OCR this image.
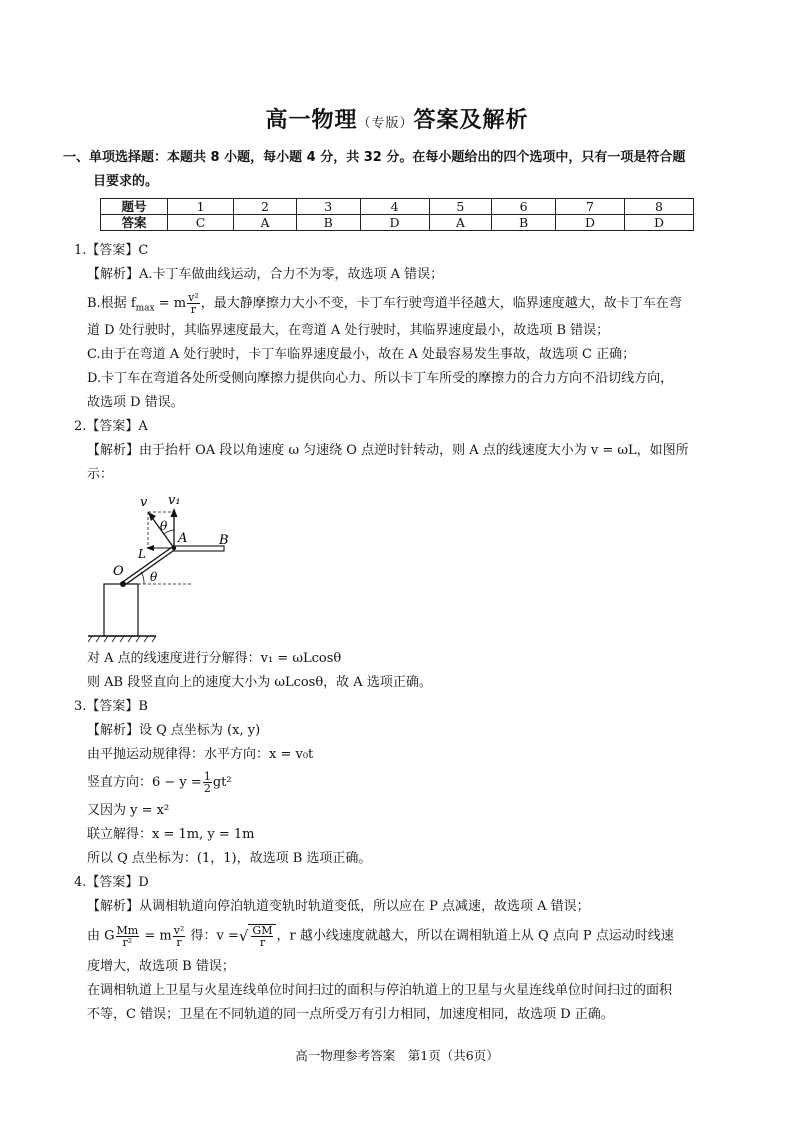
高一物理（专版）答案及解析
一、单项选择题：本题共 8 小题，每小题 4 分，共 32 分。在每小题给出的四个选项中，只有一项是符合题
目要求的。
题号	1	2	3	4	5	6	7	8
答案	C	A	B	D	A	B	D	D
1.【答案】C
【解析】A.卡丁车做曲线运动，合力不为零，故选项 A 错误；
B.根据 $f_{max} = m \frac{\text{v²}}{r}$ ，最大静摩擦力大小不变，卡丁车行驶弯道半径越大，临界速度越大，故卡丁车在弯
道 D 处行驶时，其临界速度最大，在弯道 A 处行驶时，其临界速度最小，故选项 B 错误；
C.由于在弯道 A 处行驶时，卡丁车临界速度最小，故在 A 处最容易发生事故，故选项 C 正确；
D.卡丁车在弯道各处所受侧向摩擦力提供向心力、所以卡丁车所受的摩擦力的合力方向不沿切线方向，
故选项 D 错误。
2.【答案】A
【解析】由于抬杆 OA 段以角速度 ω 匀速绕 O 点逆时针转动，则 A 点的线速度大小为 v = ωL，如图所
示：
v v₁
θ
A B
L
O θ
对 A 点的线速度进行分解得：v₁ = ωLcosθ
则 AB 段竖直向上的速度大小为 ωLcosθ，故 A 选项正确。
3.【答案】B
【解析】设 Q 点坐标为 (x, y)
由平抛运动规律得：水平方向：x = v₀t
竖直方向：$6 - y = \frac{1}{2} gt^2$
又因为 y = x²
联立解得：x = 1m, y = 1m
所以 Q 点坐标为：(1，1)，故选项 B 选项正确。
4.【答案】D
【解析】从调相轨道向停泊轨道变轨时轨道变低，所以应在 P 点减速，故选项 A 错误；
由 G $\frac{Mm}{\text{r²}} = m \frac{\text{v²}}{r}$ 得：v =√ $\frac{GM}{r}$ ，r 越小线速度就越大，所以在调相轨道上从 Q 点向 P 点运动时线速
度增大，故选项 B 错误；
在调相轨道上卫星与火星连线单位时间扫过的面积与停泊轨道上的卫星与火星连线单位时间扫过的面积
不等，C 错误；卫星在不同轨道的同一点所受万有引力相同，加速度相同，故选项 D 正确。
高一物理参考答案　第1页（共6页）
